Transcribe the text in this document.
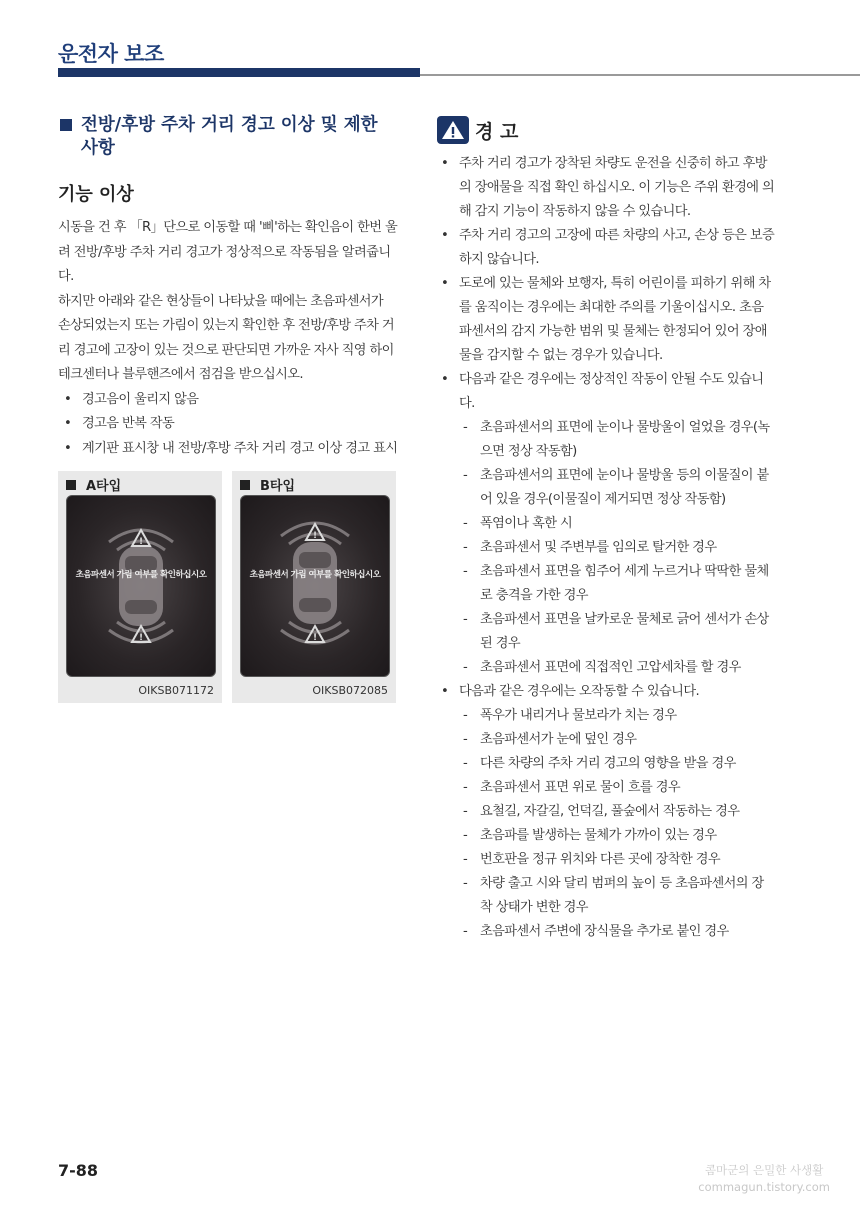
운전자 보조
전방/후방 주차 거리 경고 이상 및 제한 사항
기능 이상

시동을 건 후 「R」단으로 이동할 때 '삐'하는 확인음이 한번 울려 전방/후방 주차 거리 경고가 정상적으로 작동됨을 알려줍니다.

하지만 아래와 같은 현상들이 나타났을 때에는 초음파센서가 손상되었는지 또는 가림이 있는지 확인한 후 전방/후방 주차 거리 경고에 고장이 있는 것으로 판단되면 가까운 자사 직영 하이테크센터나 블루핸즈에서 점검을 받으십시오.

• 경고음이 울리지 않음
• 경고음 반복 작동
• 계기판 표시창 내 전방/후방 주차 거리 경고 이상 경고 표시
A타입
!
!
초음파센서 가림 여부를 확인하십시오
OIKSB071172
B타입
!
!
초음파센서 가림 여부를 확인하십시오
OIKSB072085
경 고
• 주차 거리 경고가 장착된 차량도 운전을 신중히 하고 후방의 장애물을 직접 확인 하십시오. 이 기능은 주위 환경에 의해 감지 기능이 작동하지 않을 수 있습니다.
• 주차 거리 경고의 고장에 따른 차량의 사고, 손상 등은 보증하지 않습니다.
• 도로에 있는 물체와 보행자, 특히 어린이를 피하기 위해 차를 움직이는 경우에는 최대한 주의를 기울이십시오. 초음파센서의 감지 가능한 범위 및 물체는 한정되어 있어 장애물을 감지할 수 없는 경우가 있습니다.
• 다음과 같은 경우에는 정상적인 작동이 안될 수도 있습니다.
- 초음파센서의 표면에 눈이나 물방울이 얼었을 경우(녹으면 정상 작동함)
- 초음파센서의 표면에 눈이나 물방울 등의 이물질이 붙어 있을 경우(이물질이 제거되면 정상 작동함)
- 폭염이나 혹한 시
- 초음파센서 및 주변부를 임의로 탈거한 경우
- 초음파센서 표면을 힘주어 세게 누르거나 딱딱한 물체로 충격을 가한 경우
- 초음파센서 표면을 날카로운 물체로 긁어 센서가 손상된 경우
- 초음파센서 표면에 직접적인 고압세차를 할 경우
• 다음과 같은 경우에는 오작동할 수 있습니다.
- 폭우가 내리거나 물보라가 치는 경우
- 초음파센서가 눈에 덮인 경우
- 다른 차량의 주차 거리 경고의 영향을 받을 경우
- 초음파센서 표면 위로 물이 흐를 경우
- 요철길, 자갈길, 언덕길, 풀숲에서 작동하는 경우
- 초음파를 발생하는 물체가 가까이 있는 경우
- 번호판을 정규 위치와 다른 곳에 장착한 경우
- 차량 출고 시와 달리 범퍼의 높이 등 초음파센서의 장착 상태가 변한 경우
- 초음파센서 주변에 장식물을 추가로 붙인 경우
7-88	콤마군의 은밀한 사생활
commagun.tistory.com
